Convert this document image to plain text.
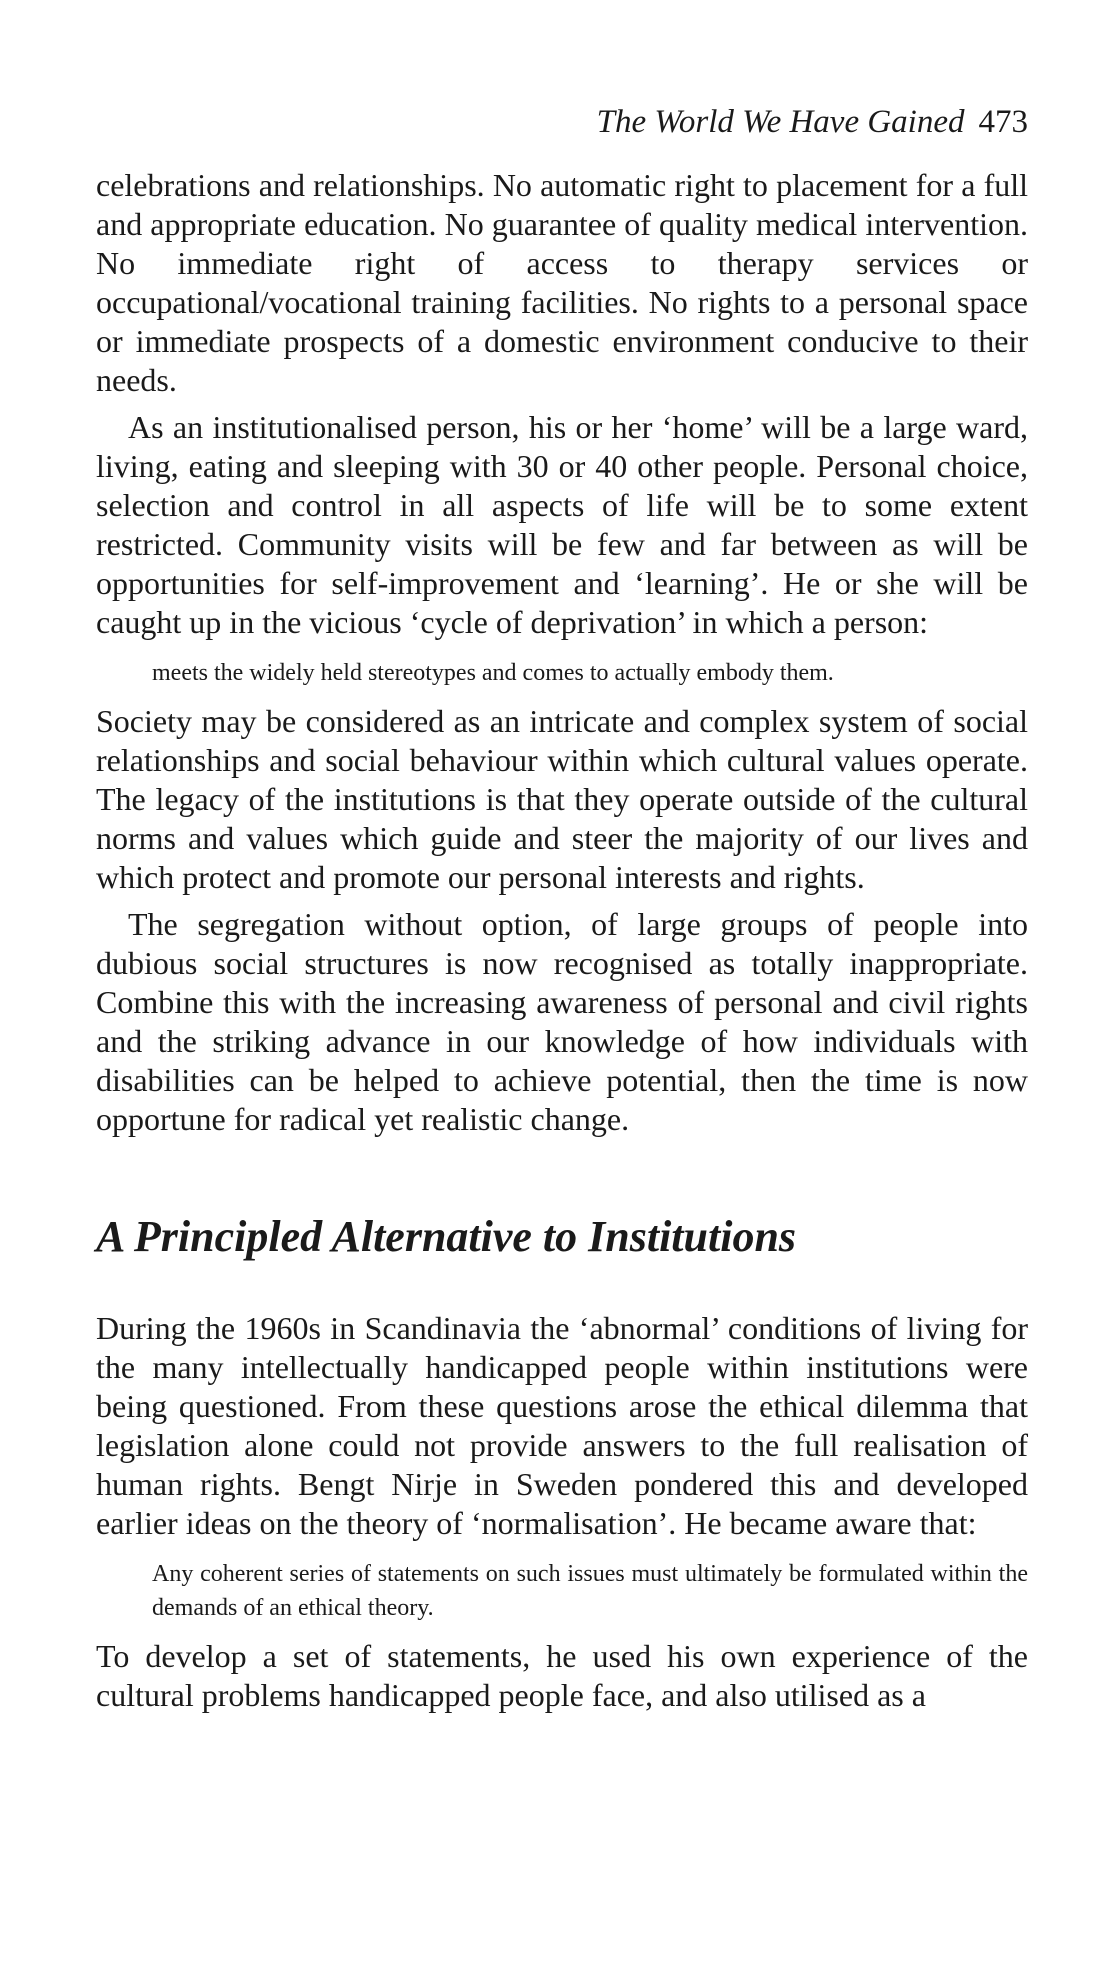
The World We Have Gained 473

celebrations and relationships. No automatic right to placement for a full and appropriate education. No guarantee of quality medical intervention. No immediate right of access to therapy services or occupational/vocational training facilities. No rights to a personal space or immediate prospects of a domestic environment conducive to their needs.

As an institutionalised person, his or her ‘home’ will be a large ward, living, eating and sleeping with 30 or 40 other people. Personal choice, selection and control in all aspects of life will be to some extent restricted. Community visits will be few and far between as will be opportunities for self-improvement and ‘learning’. He or she will be caught up in the vicious ‘cycle of deprivation’ in which a person:

meets the widely held stereotypes and comes to actually embody them.

Society may be considered as an intricate and complex system of social relationships and social behaviour within which cultural values operate. The legacy of the institutions is that they operate outside of the cultural norms and values which guide and steer the majority of our lives and which protect and promote our personal interests and rights.

The segregation without option, of large groups of people into dubious social structures is now recognised as totally inappropriate. Combine this with the increasing awareness of personal and civil rights and the striking advance in our knowledge of how individuals with disabilities can be helped to achieve potential, then the time is now opportune for radical yet realistic change.

A Principled Alternative to Institutions

During the 1960s in Scandinavia the ‘abnormal’ conditions of living for the many intellectually handicapped people within institutions were being questioned. From these questions arose the ethical dilemma that legislation alone could not provide answers to the full realisation of human rights. Bengt Nirje in Sweden pondered this and developed earlier ideas on the theory of ‘normalisation’. He became aware that:

Any coherent series of statements on such issues must ultimately be formulated within the demands of an ethical theory.

To develop a set of statements, he used his own experience of the cultural problems handicapped people face, and also utilised as a
